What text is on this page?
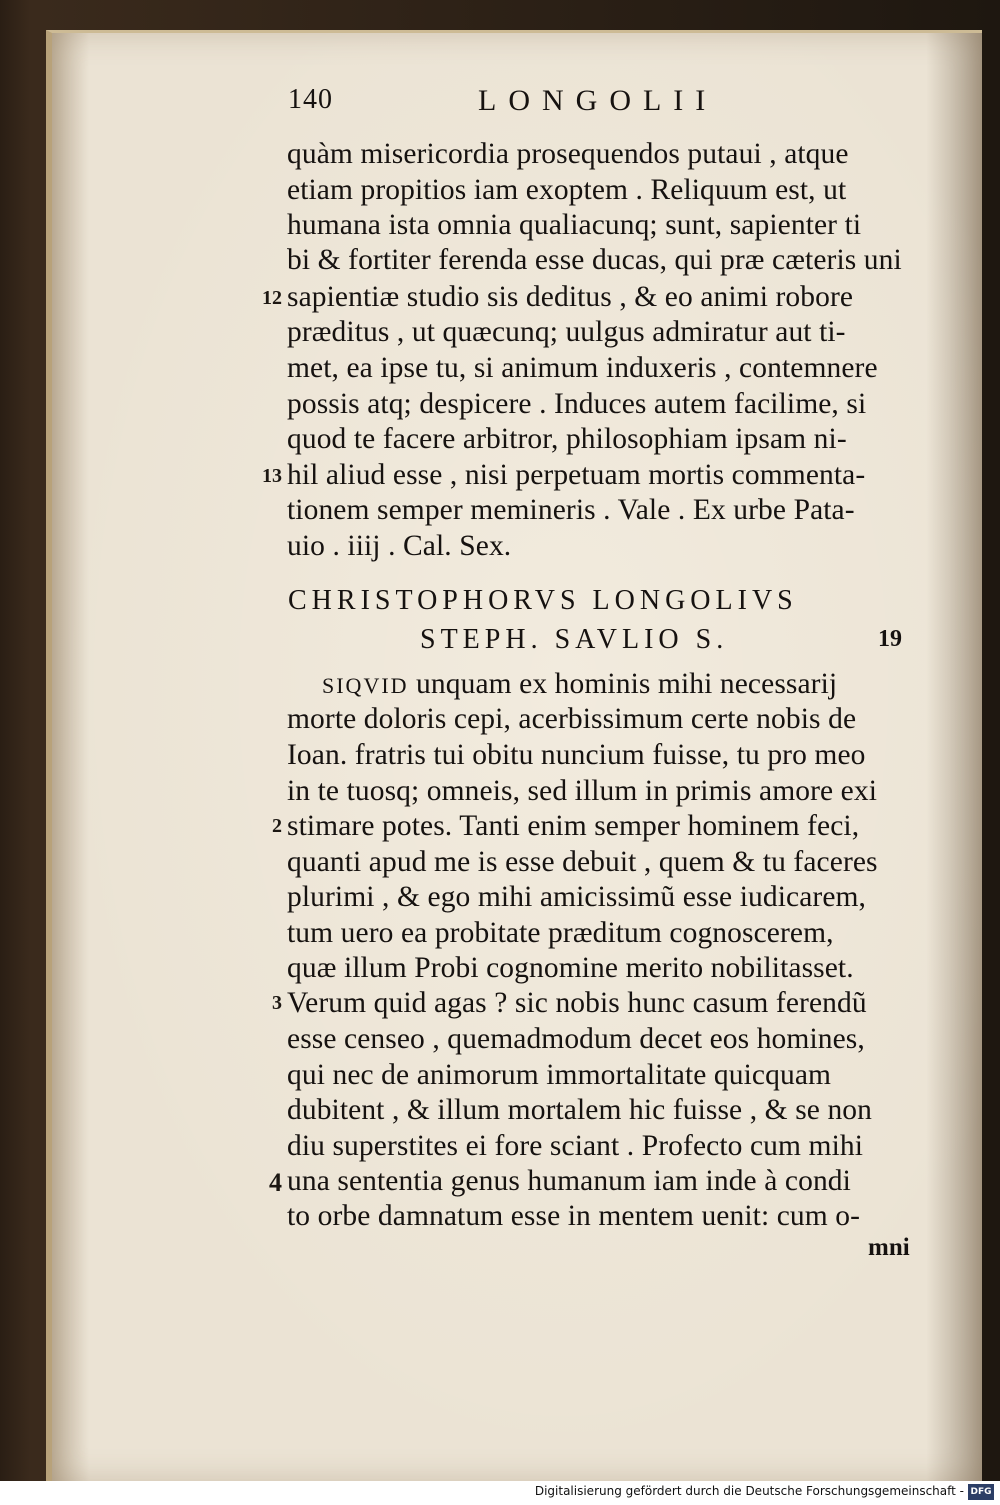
140	LONGOLII
quàm misericordia prosequendos putaui , atque
etiam propitios iam exoptem . Reliquum est, ut
humana ista omnia qualiacunq; sunt, sapienter ti
bi & fortiter ferenda esse ducas, qui præ cæteris uni
sapientiæ studio sis deditus , & eo animi robore
præditus , ut quæcunq; uulgus admiratur aut ti-
met, ea ipse tu, si animum induxeris , contemnere
possis atq; despicere . Induces autem facilime, si
quod te facere arbitror, philosophiam ipsam ni-
hil aliud esse , nisi perpetuam mortis commenta-
tionem semper memineris . Vale . Ex urbe Pata-
uio . iiij . Cal. Sex.
12
13
CHRISTOPHORVS LONGOLIVS
STEPH. SAVLIO S.	19
SIQVID unquam ex hominis mihi necessarij
morte doloris cepi, acerbissimum certe nobis de
Ioan. fratris tui obitu nuncium fuisse, tu pro meo
in te tuosq; omneis, sed illum in primis amore exi
stimare potes. Tanti enim semper hominem feci,
quanti apud me is esse debuit , quem & tu faceres
plurimi , & ego mihi amicissimũ esse iudicarem,
tum uero ea probitate præditum cognoscerem,
quæ illum Probi cognomine merito nobilitasset.
Verum quid agas ? sic nobis hunc casum ferendũ
esse censeo , quemadmodum decet eos homines,
qui nec de animorum immortalitate quicquam
dubitent , & illum mortalem hic fuisse , & se non
diu superstites ei fore sciant . Profecto cum mihi
una sententia genus humanum iam inde à condi
to orbe damnatum esse in mentem uenit: cum o-
2
3
4
mni
Digitalisierung gefördert durch die Deutsche Forschungsgemeinschaft - DFG
